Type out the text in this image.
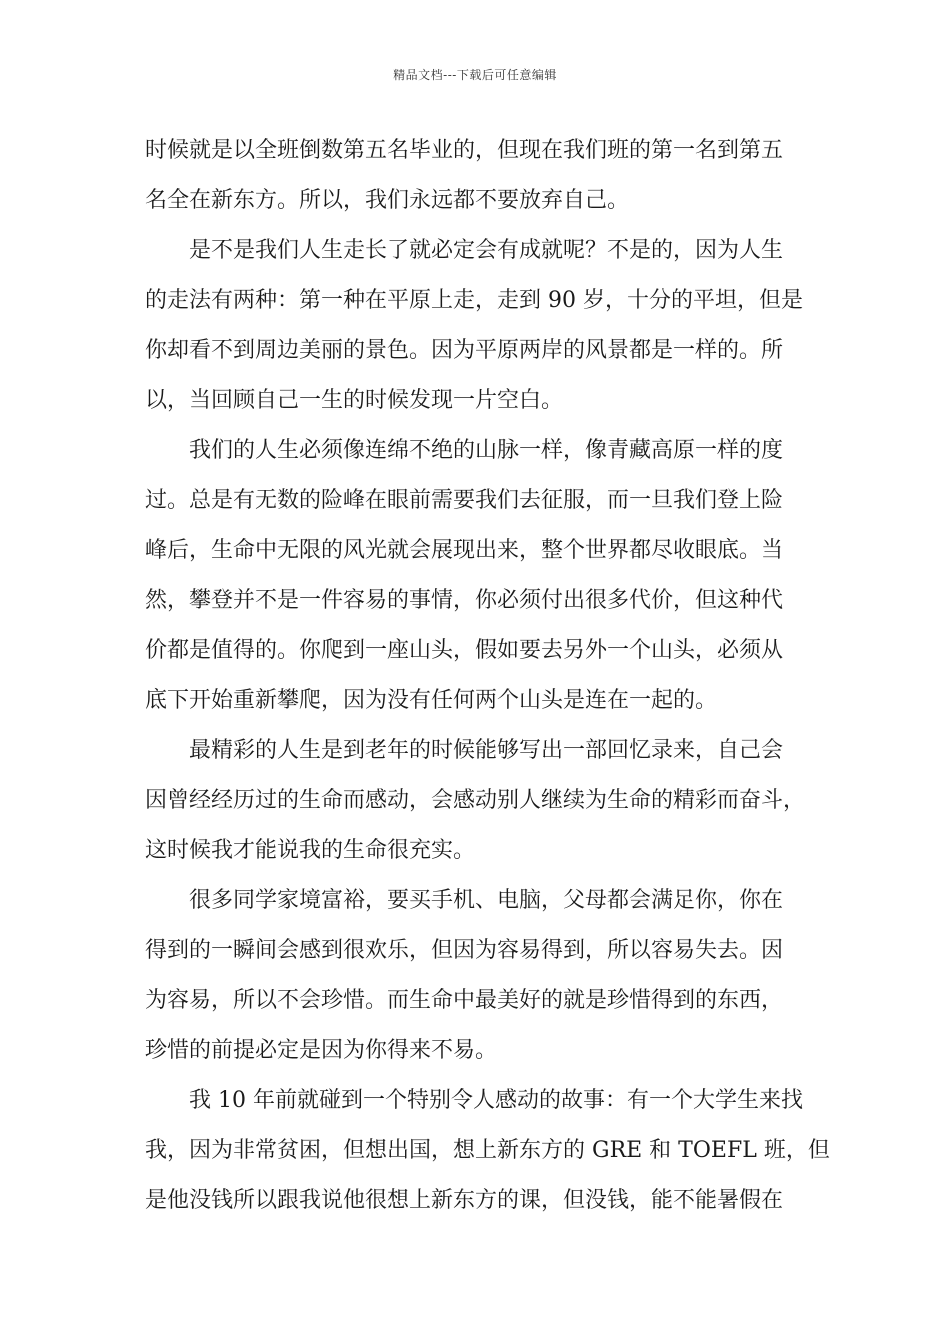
精品文档---下载后可任意编辑
时候就是以全班倒数第五名毕业的，但现在我们班的第一名到第五
名全在新东方。所以，我们永远都不要放弃自己。
　　是不是我们人生走长了就必定会有成就呢？不是的，因为人生
的走法有两种：第一种在平原上走，走到 90 岁，十分的平坦，但是
你却看不到周边美丽的景色。因为平原两岸的风景都是一样的。所
以，当回顾自己一生的时候发现一片空白。
　　我们的人生必须像连绵不绝的山脉一样，像青藏高原一样的度
过。总是有无数的险峰在眼前需要我们去征服，而一旦我们登上险
峰后，生命中无限的风光就会展现出来，整个世界都尽收眼底。当
然，攀登并不是一件容易的事情，你必须付出很多代价，但这种代
价都是值得的。你爬到一座山头，假如要去另外一个山头，必须从
底下开始重新攀爬，因为没有任何两个山头是连在一起的。
　　最精彩的人生是到老年的时候能够写出一部回忆录来，自己会
因曾经经历过的生命而感动，会感动别人继续为生命的精彩而奋斗，
这时候我才能说我的生命很充实。
　　很多同学家境富裕，要买手机、电脑，父母都会满足你，你在
得到的一瞬间会感到很欢乐，但因为容易得到，所以容易失去。因
为容易，所以不会珍惜。而生命中最美好的就是珍惜得到的东西，
珍惜的前提必定是因为你得来不易。
　　我 10 年前就碰到一个特别令人感动的故事：有一个大学生来找
我，因为非常贫困，但想出国，想上新东方的 GRE 和 TOEFL 班，但
是他没钱所以跟我说他很想上新东方的课，但没钱，能不能暑假在
